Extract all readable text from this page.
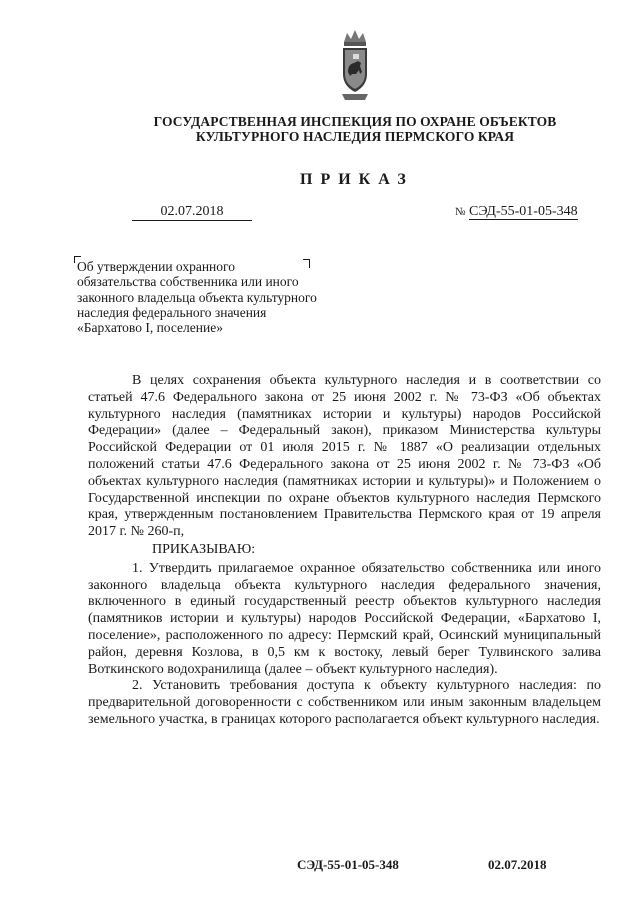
ГОСУДАРСТВЕННАЯ ИНСПЕКЦИЯ ПО ОХРАНЕ ОБЪЕКТОВ
КУЛЬТУРНОГО НАСЛЕДИЯ ПЕРМСКОГО КРАЯ
ПРИКАЗ
02.07.2018	№ СЭД-55-01-05-348
Об утверждении охранного обязательства собственника или иного законного владельца объекта культурного наследия федерального значения «Бархатово I, поселение»

В целях сохранения объекта культурного наследия и в соответствии со статьей 47.6 Федерального закона от 25 июня 2002 г. № 73-ФЗ «Об объектах культурного наследия (памятниках истории и культуры) народов Российской Федерации» (далее – Федеральный закон), приказом Министерства культуры Российской Федерации от 01 июля 2015 г. № 1887 «О реализации отдельных положений статьи 47.6 Федерального закона от 25 июня 2002 г. № 73-ФЗ «Об объектах культурного наследия (памятниках истории и культуры)» и Положением о Государственной инспекции по охране объектов культурного наследия Пермского края, утвержденным постановлением Правительства Пермского края от 19 апреля 2017 г. № 260-п,

ПРИКАЗЫВАЮ:

1. Утвердить прилагаемое охранное обязательство собственника или иного законного владельца объекта культурного наследия федерального значения, включенного в единый государственный реестр объектов культурного наследия (памятников истории и культуры) народов Российской Федерации, «Бархатово I, поселение», расположенного по адресу: Пермский край, Осинский муниципальный район, деревня Козлова, в 0,5 км к востоку, левый берег Тулвинского залива Воткинского водохранилища (далее – объект культурного наследия).

2. Установить требования доступа к объекту культурного наследия: по предварительной договоренности с собственником или иным законным владельцем земельного участка, в границах которого располагается объект культурного наследия.

СЭД-55-01-05-348	02.07.2018
